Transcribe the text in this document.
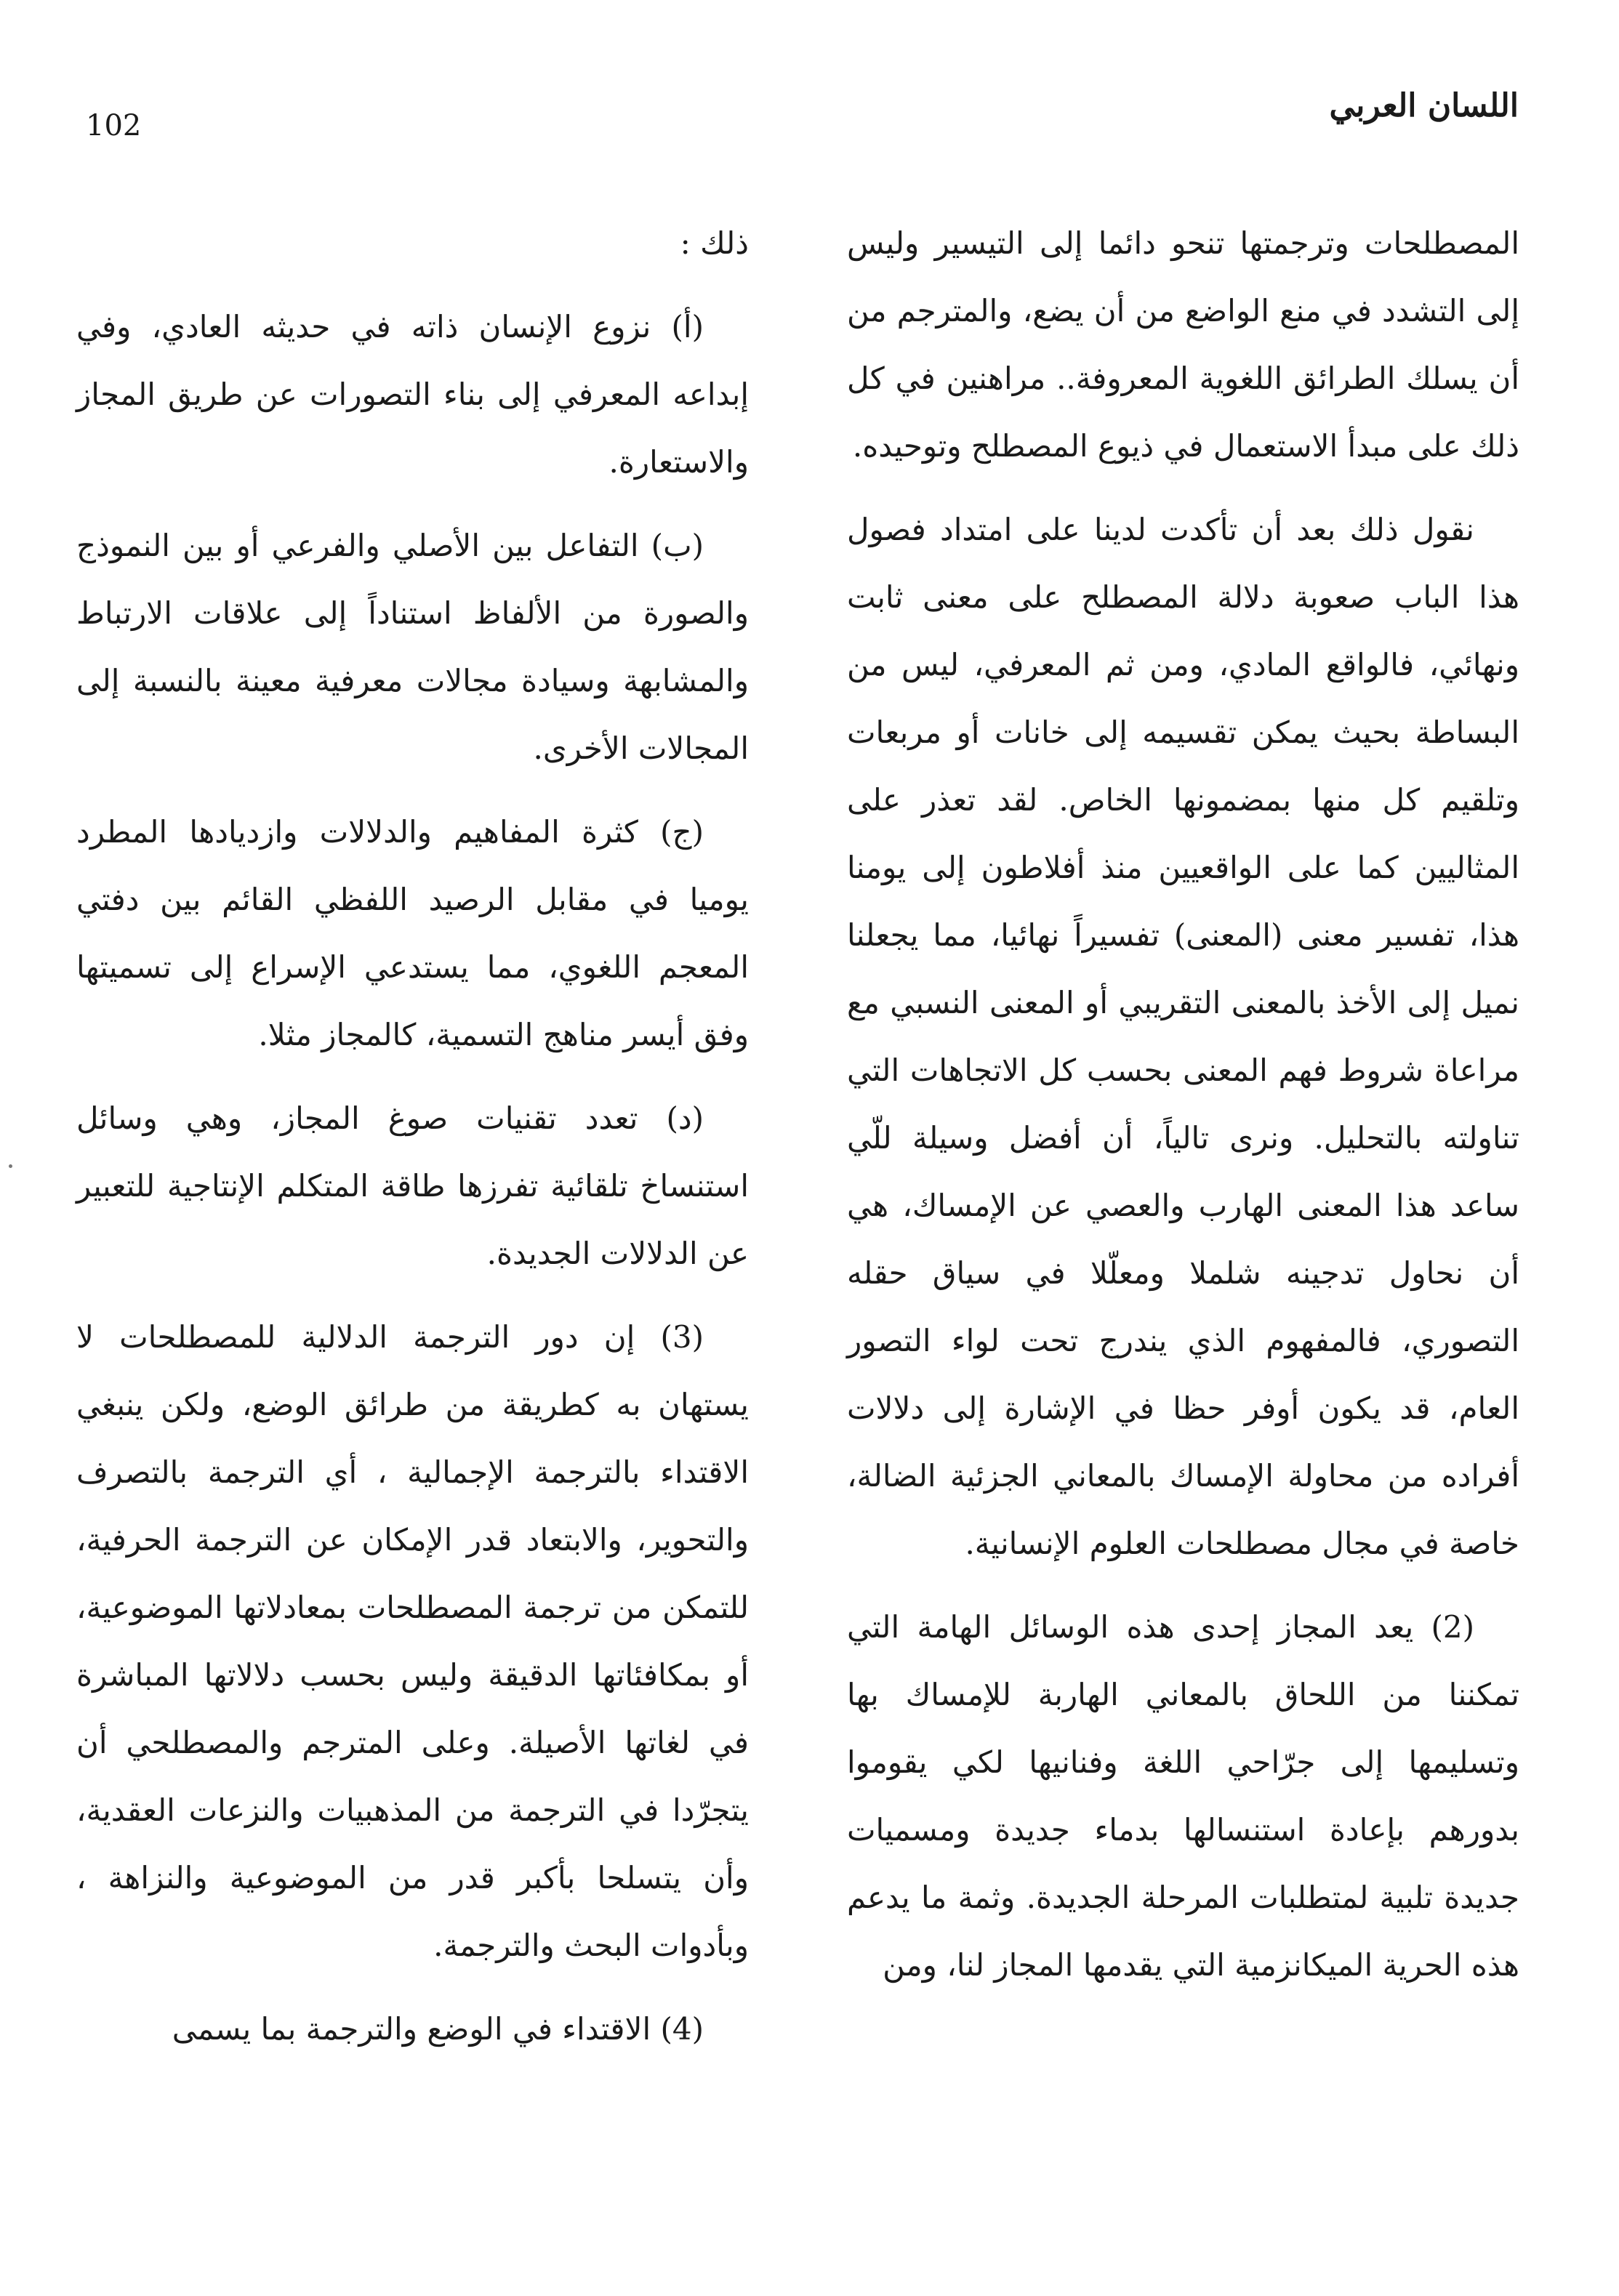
102
اللسان العربي

المصطلحات وترجمتها تنحو دائما إلى التيسير وليس إلى التشدد في منع الواضع من أن يضع، والمترجم من أن يسلك الطرائق اللغوية المعروفة.. مراهنين في كل ذلك على مبدأ الاستعمال في ذيوع المصطلح وتوحيده.

نقول ذلك بعد أن تأكدت لدينا على امتداد فصول هذا الباب صعوبة دلالة المصطلح على معنى ثابت ونهائي، فالواقع المادي، ومن ثم المعرفي، ليس من البساطة بحيث يمكن تقسيمه إلى خانات أو مربعات وتلقيم كل منها بمضمونها الخاص. لقد تعذر على المثاليين كما على الواقعيين منذ أفلاطون إلى يومنا هذا، تفسير معنى (المعنى) تفسيراً نهائيا، مما يجعلنا نميل إلى الأخذ بالمعنى التقريبي أو المعنى النسبي مع مراعاة شروط فهم المعنى بحسب كل الاتجاهات التي تناولته بالتحليل. ونرى تالياً، أن أفضل وسيلة للّي ساعد هذا المعنى الهارب والعصي عن الإمساك، هي أن نحاول تدجينه شلملا ومعلّلا في سياق حقله التصوري، فالمفهوم الذي يندرج تحت لواء التصور العام، قد يكون أوفر حظا في الإشارة إلى دلالات أفراده من محاولة الإمساك بالمعاني الجزئية الضالة، خاصة في مجال مصطلحات العلوم الإنسانية.

(2) يعد المجاز إحدى هذه الوسائل الهامة التي تمكننا من اللحاق بالمعاني الهاربة للإمساك بها وتسليمها إلى جرّاحي اللغة وفنانيها لكي يقوموا بدورهم بإعادة استنسالها بدماء جديدة ومسميات جديدة تلبية لمتطلبات المرحلة الجديدة. وثمة ما يدعم هذه الحرية الميكانزمية التي يقدمها المجاز لنا، ومن

ذلك :

(أ) نزوع الإنسان ذاته في حديثه العادي، وفي إبداعه المعرفي إلى بناء التصورات عن طريق المجاز والاستعارة.

(ب) التفاعل بين الأصلي والفرعي أو بين النموذج والصورة من الألفاظ استناداً إلى علاقات الارتباط والمشابهة وسيادة مجالات معرفية معينة بالنسبة إلى المجالات الأخرى.

(ج) كثرة المفاهيم والدلالات وازديادها المطرد يوميا في مقابل الرصيد اللفظي القائم بين دفتي المعجم اللغوي، مما يستدعي الإسراع إلى تسميتها وفق أيسر مناهج التسمية، كالمجاز مثلا.

(د) تعدد تقنيات صوغ المجاز، وهي وسائل استنساخ تلقائية تفرزها طاقة المتكلم الإنتاجية للتعبير عن الدلالات الجديدة.

(3) إن دور الترجمة الدلالية للمصطلحات لا يستهان به كطريقة من طرائق الوضع، ولكن ينبغي الاقتداء بالترجمة الإجمالية ، أي الترجمة بالتصرف والتحوير، والابتعاد قدر الإمكان عن الترجمة الحرفية، للتمكن من ترجمة المصطلحات بمعادلاتها الموضوعية، أو بمكافئاتها الدقيقة وليس بحسب دلالاتها المباشرة في لغاتها الأصيلة. وعلى المترجم والمصطلحي أن يتجرّدا في الترجمة من المذهبيات والنزعات العقدية، وأن يتسلحا بأكبر قدر من الموضوعية والنزاهة ، وبأدوات البحث والترجمة.

(4) الاقتداء في الوضع والترجمة بما يسمى
